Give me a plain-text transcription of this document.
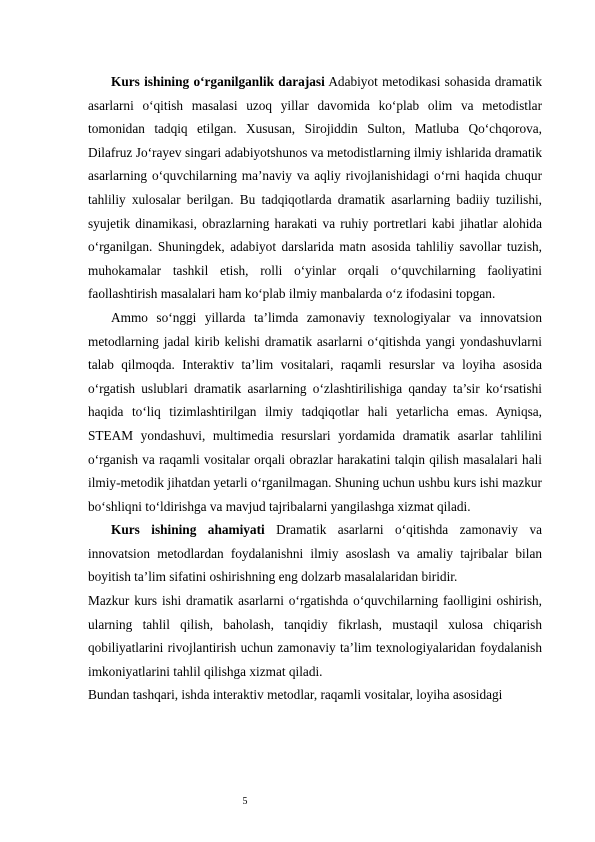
Kurs ishining o‘rganilganlik darajasi Adabiyot metodikasi sohasida dramatik asarlarni o‘qitish masalasi uzoq yillar davomida ko‘plab olim va metodistlar tomonidan tadqiq etilgan. Xususan, Sirojiddin Sulton, Matluba Qo‘chqorova, Dilafruz Jo‘rayev singari adabiyotshunos va metodistlarning ilmiy ishlarida dramatik asarlarning o‘quvchilarning ma’naviy va aqliy rivojlanishidagi o‘rni haqida chuqur tahliliy xulosalar berilgan. Bu tadqiqotlarda dramatik asarlarning badiiy tuzilishi, syujetik dinamikasi, obrazlarning harakati va ruhiy portretlari kabi jihatlar alohida o‘rganilgan. Shuningdek, adabiyot darslarida matn asosida tahliliy savollar tuzish, muhokamalar tashkil etish, rolli o‘yinlar orqali o‘quvchilarning faoliyatini faollashtirish masalalari ham ko‘plab ilmiy manbalarda o‘z ifodasini topgan.

Ammo so‘nggi yillarda ta’limda zamonaviy texnologiyalar va innovatsion metodlarning jadal kirib kelishi dramatik asarlarni o‘qitishda yangi yondashuvlarni talab qilmoqda. Interaktiv ta’lim vositalari, raqamli resurslar va loyiha asosida o‘rgatish uslublari dramatik asarlarning o‘zlashtirilishiga qanday ta’sir ko‘rsatishi haqida to‘liq tizimlashtirilgan ilmiy tadqiqotlar hali yetarlicha emas. Ayniqsa, STEAM yondashuvi, multimedia resurslari yordamida dramatik asarlar tahlilini o‘rganish va raqamli vositalar orqali obrazlar harakatini talqin qilish masalalari hali ilmiy-metodik jihatdan yetarli o‘rganilmagan. Shuning uchun ushbu kurs ishi mazkur bo‘shliqni to‘ldirishga va mavjud tajribalarni yangilashga xizmat qiladi.

Kurs ishining ahamiyati Dramatik asarlarni o‘qitishda zamonaviy va innovatsion metodlardan foydalanishni ilmiy asoslash va amaliy tajribalar bilan boyitish ta’lim sifatini oshirishning eng dolzarb masalalaridan biridir.

Mazkur kurs ishi dramatik asarlarni o‘rgatishda o‘quvchilarning faolligini oshirish, ularning tahlil qilish, baholash, tanqidiy fikrlash, mustaqil xulosa chiqarish qobiliyatlarini rivojlantirish uchun zamonaviy ta’lim texnologiyalaridan foydalanish imkoniyatlarini tahlil qilishga xizmat qiladi.

Bundan tashqari, ishda interaktiv metodlar, raqamli vositalar, loyiha asosidagi

5
